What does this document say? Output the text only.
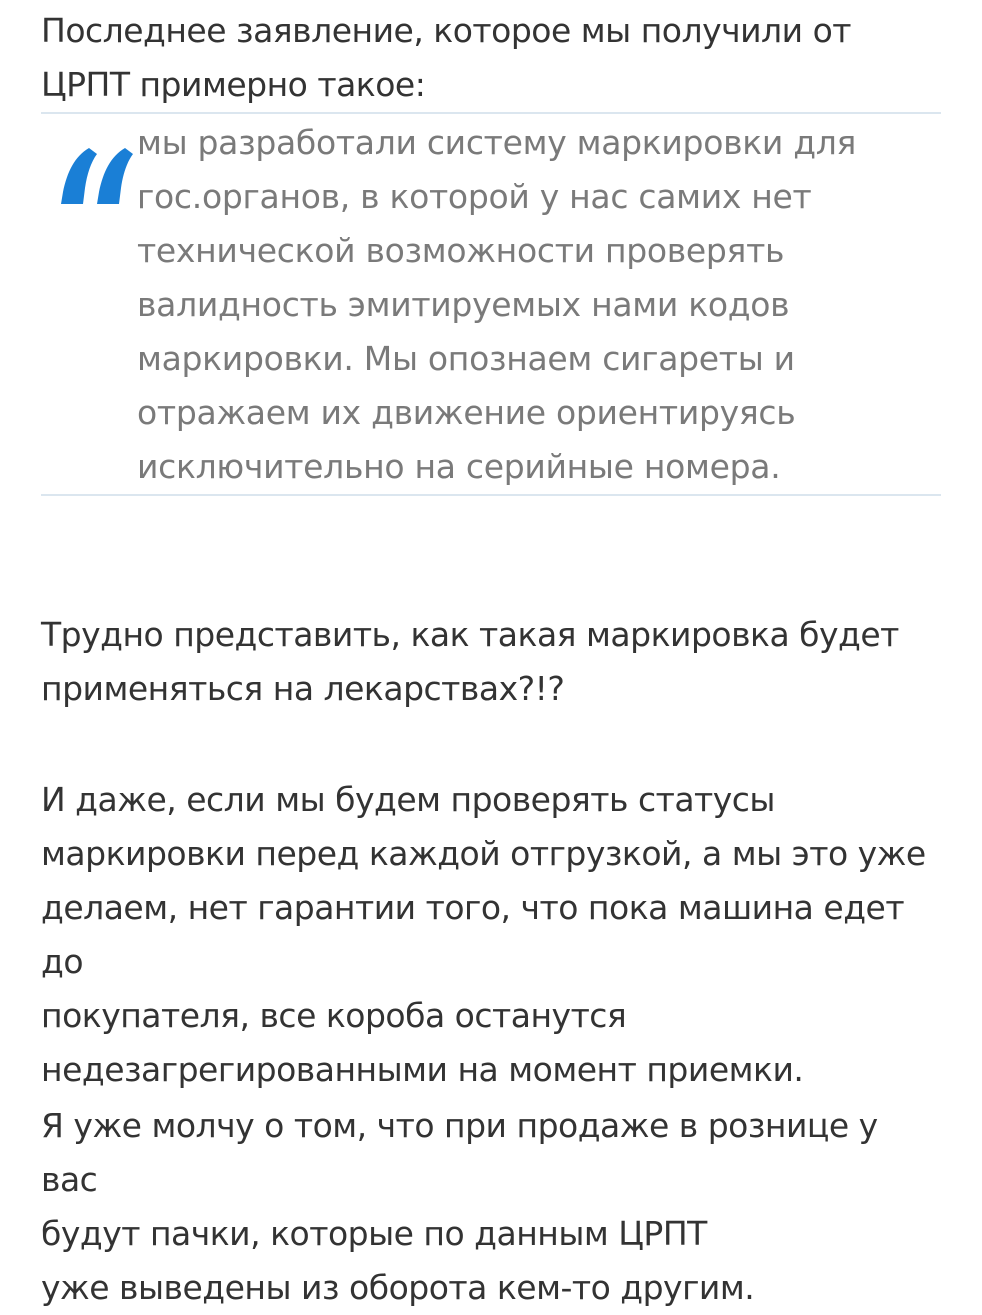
Последнее заявление, которое мы получили от
ЦРПТ примерно такое:

мы разработали систему маркировки для
гос.органов, в которой у нас самих нет
технической возможности проверять
валидность эмитируемых нами кодов
маркировки. Мы опознаем сигареты и
отражаем их движение ориентируясь
исключительно на серийные номера.

Трудно представить, как такая маркировка будет
применяться на лекарствах?!?

И даже, если мы будем проверять статусы
маркировки перед каждой отгрузкой, а мы это уже
делаем, нет гарантии того, что пока машина едет до
покупателя, все короба останутся
недезагрегированными на момент приемки.

Я уже молчу о том, что при продаже в рознице у вас
будут пачки, которые по данным ЦРПТ
уже выведены из оборота кем-то другим.
